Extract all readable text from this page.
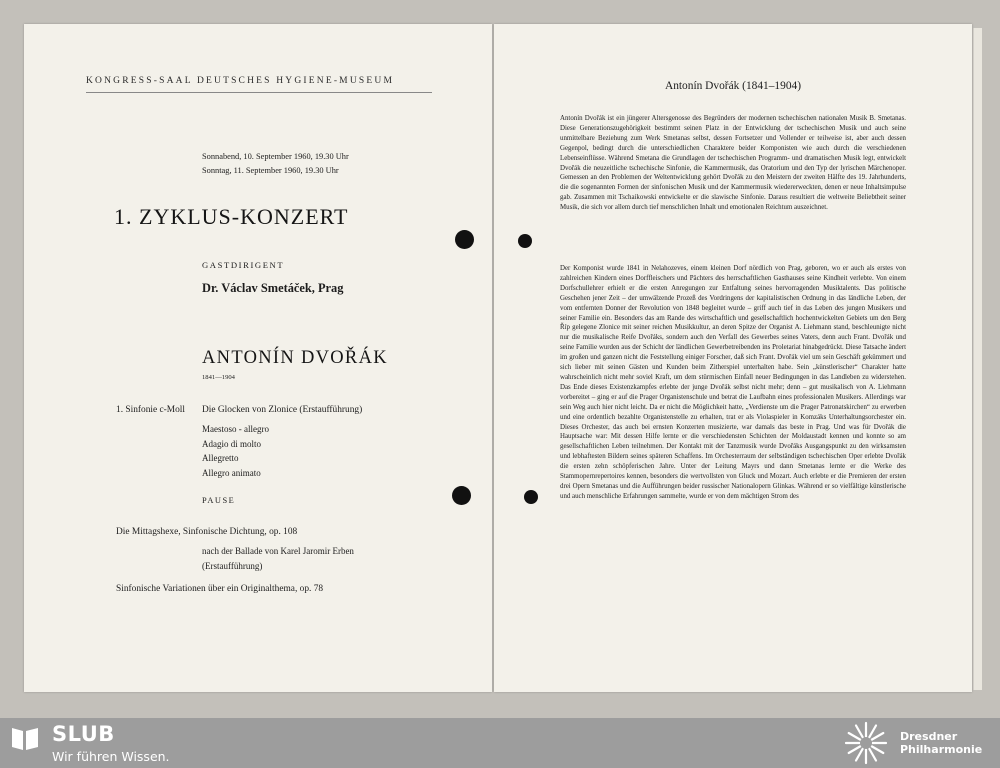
KONGRESS-SAAL DEUTSCHES HYGIENE-MUSEUM
Sonnabend, 10. September 1960, 19.30 Uhr
Sonntag, 11. September 1960, 19.30 Uhr
1. ZYKLUS-KONZERT
GASTDIRIGENT
Dr. Václav Smetáček, Prag
ANTONÍN DVOŘÁK
1841—1904
1. Sinfonie c-Moll Die Glocken von Zlonice (Erstaufführung)
Maestoso - allegro
Adagio di molto
Allegretto
Allegro animato
PAUSE
Die Mittagshexe, Sinfonische Dichtung, op. 108
nach der Ballade von Karel Jaromir Erben
(Erstaufführung)
Sinfonische Variationen über ein Originalthema, op. 78
Antonín Dvořák (1841–1904)

Antonín Dvořák ist ein jüngerer Altersgenosse des Begründers der modernen tschechischen nationalen Musik B. Smetanas. Diese Generationszugehörigkeit bestimmt seinen Platz in der Entwicklung der tschechischen Musik und auch seine unmittelbare Beziehung zum Werk Smetanas selbst, dessen Fortsetzer und Vollender er teilweise ist, aber auch dessen Gegenpol, bedingt durch die unterschiedlichen Charaktere beider Komponisten wie auch durch die verschiedenen Lebenseinflüsse. Während Smetana die Grundlagen der tschechischen Programm- und dramatischen Musik legt, entwickelt Dvořák die neuzeitliche tschechische Sinfonie, die Kammermusik, das Oratorium und den Typ der lyrischen Märchenoper. Gemessen an den Problemen der Weltentwicklung gehört Dvořák zu den Meistern der zweiten Hälfte des 19. Jahrhunderts, die die sogenannten Formen der sinfonischen Musik und der Kammermusik wiedererweckten, denen er neue Inhaltsimpulse gab. Zusammen mit Tschaikowski entwickelte er die slawische Sinfonie. Daraus resultiert die weltweite Beliebtheit seiner Musik, die sich vor allem durch tief menschlichen Inhalt und emotionalen Reichtum auszeichnet.

Der Komponist wurde 1841 in Nelahozeves, einem kleinen Dorf nördlich von Prag, geboren, wo er auch als erstes von zahlreichen Kindern eines Dorffleischers und Pächters des herrschaftlichen Gasthauses seine Kindheit verlebte. Von einem Dorfschullehrer erhielt er die ersten Anregungen zur Entfaltung seines hervorragenden Musiktalents. Das politische Geschehen jener Zeit – der umwälzende Prozeß des Vordringens der kapitalistischen Ordnung in das ländliche Leben, der vom entfernten Donner der Revolution von 1848 begleitet wurde – griff auch tief in das Leben des jungen Musikers und seiner Familie ein. Besonders das am Rande des wirtschaftlich und gesellschaftlich hochentwickelten Gebiets um den Berg Říp gelegene Zlonice mit seiner reichen Musikkultur, an deren Spitze der Organist A. Liehmann stand, beschleunigte nicht nur die musikalische Reife Dvořáks, sondern auch den Verfall des Gewerbes seines Vaters, denn auch Frant. Dvořák und seine Familie wurden aus der Schicht der ländlichen Gewerbetreibenden ins Proletariat hinabgedrückt. Diese Tatsache ändert im großen und ganzen nicht die Feststellung einiger Forscher, daß sich Frant. Dvořák viel um sein Geschäft gekümmert und sich lieber mit seinen Gästen und Kunden beim Zitherspiel unterhalten habe. Sein „künstlerischer“ Charakter hatte wahrscheinlich nicht mehr soviel Kraft, um dem stürmischen Einfall neuer Bedingungen in das Landleben zu widerstehen. Das Ende dieses Existenzkampfes erlebte der junge Dvořák selbst nicht mehr; denn – gut musikalisch von A. Liehmann vorbereitet – ging er auf die Prager Organistenschule und betrat die Laufbahn eines professionalen Musikers. Allerdings war sein Weg auch hier nicht leicht. Da er nicht die Möglichkeit hatte, „Verdienste um die Prager Patronatskirchen“ zu erwerben und eine ordentlich bezahlte Organistenstelle zu erhalten, trat er als Violaspieler in Komzáks Unterhaltungsorchester ein. Dieses Orchester, das auch bei ernsten Konzerten musizierte, war damals das beste in Prag. Und was für Dvořák die Hauptsache war: Mit dessen Hilfe lernte er die verschiedensten Schichten der Moldaustadt kennen und konnte so am gesellschaftlichen Leben teilnehmen. Der Kontakt mit der Tanzmusik wurde Dvořáks Ausgangspunkt zu den wirksamsten und lebhaftesten Bildern seines späteren Schaffens. Im Orchesterraum der selbständigen tschechischen Oper erlebte Dvořák die ersten zehn schöpferischen Jahre. Unter der Leitung Mayrs und dann Smetanas lernte er die Werke des Stammopernrepertoires kennen, besonders die wertvollsten von Gluck und Mozart. Auch erlebte er die Premieren der ersten drei Opern Smetanas und die Aufführungen beider russischer Nationalopern Glinkas. Während er so vielfältige künstlerische und auch menschliche Erfahrungen sammelte, wurde er von dem mächtigen Strom des

SLUB
Wir führen Wissen.
Dresdner
Philharmonie
